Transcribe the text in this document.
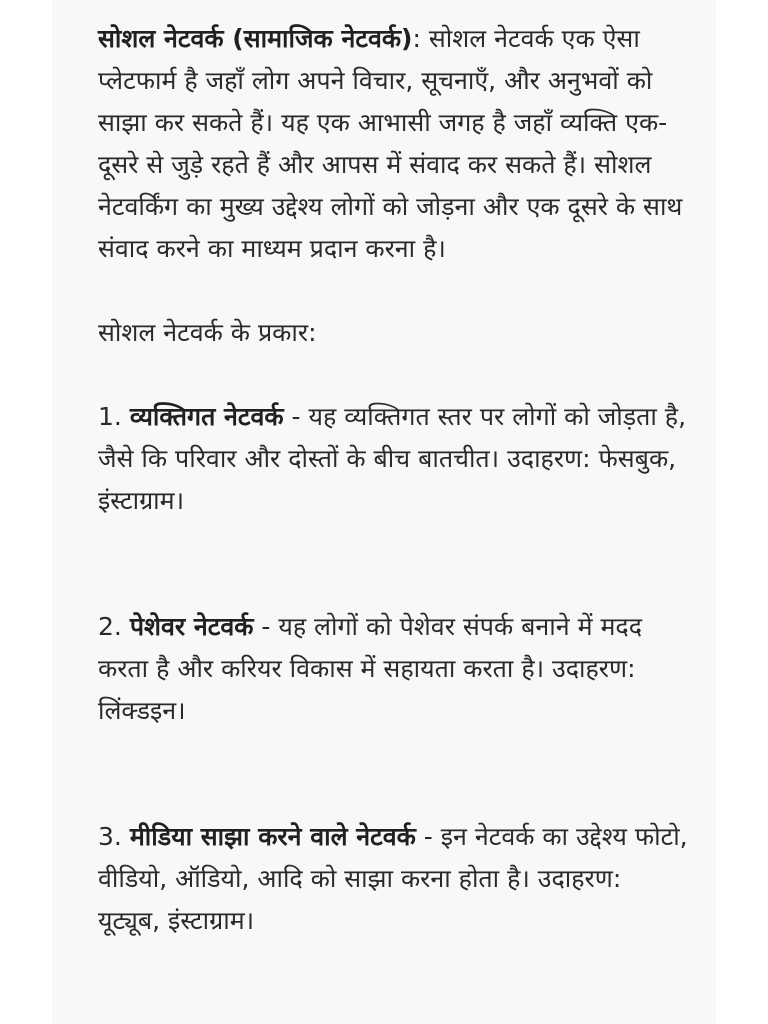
सोशल नेटवर्क (सामाजिक नेटवर्क): सोशल नेटवर्क एक ऐसा प्लेटफार्म है जहाँ लोग अपने विचार, सूचनाएँ, और अनुभवों को साझा कर सकते हैं। यह एक आभासी जगह है जहाँ व्यक्ति एक-दूसरे से जुड़े रहते हैं और आपस में संवाद कर सकते हैं। सोशल नेटवर्किंग का मुख्य उद्देश्य लोगों को जोड़ना और एक दूसरे के साथ संवाद करने का माध्यम प्रदान करना है।

सोशल नेटवर्क के प्रकार:

1. व्यक्तिगत नेटवर्क - यह व्यक्तिगत स्तर पर लोगों को जोड़ता है, जैसे कि परिवार और दोस्तों के बीच बातचीत। उदाहरण: फेसबुक, इंस्टाग्राम।

2. पेशेवर नेटवर्क - यह लोगों को पेशेवर संपर्क बनाने में मदद करता है और करियर विकास में सहायता करता है। उदाहरण: लिंक्डइन।

3. मीडिया साझा करने वाले नेटवर्क - इन नेटवर्क का उद्देश्य फोटो, वीडियो, ऑडियो, आदि को साझा करना होता है। उदाहरण: यूट्यूब, इंस्टाग्राम।
